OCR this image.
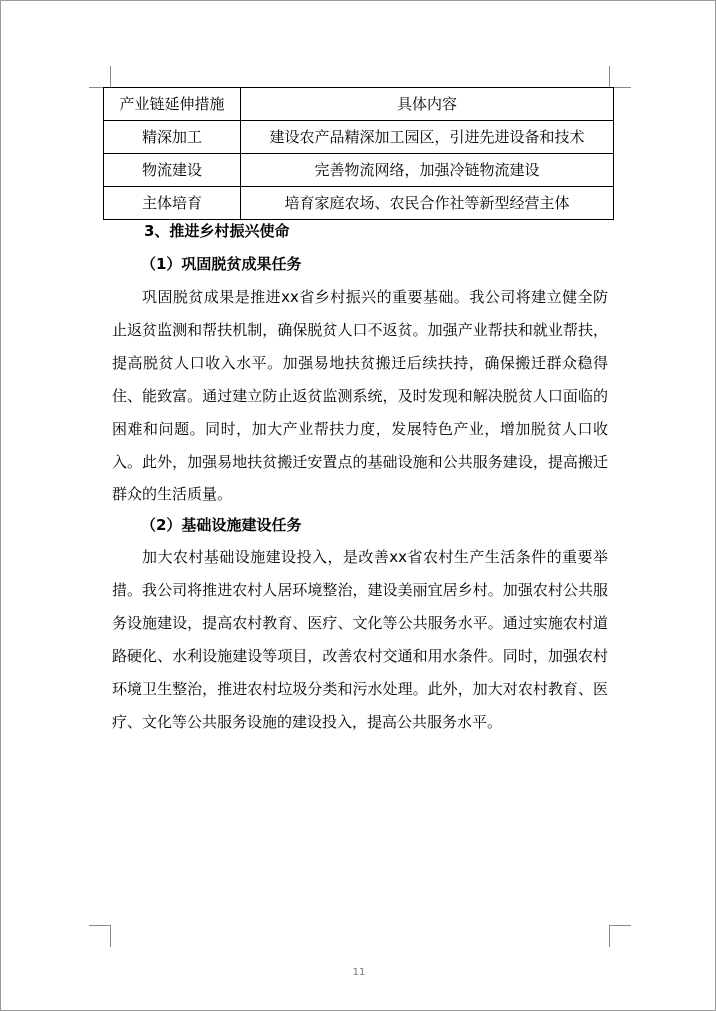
产业链延伸措施	具体内容
精深加工	建设农产品精深加工园区，引进先进设备和技术
物流建设	完善物流网络，加强冷链物流建设
主体培育	培育家庭农场、农民合作社等新型经营主体
3、推进乡村振兴使命
（1）巩固脱贫成果任务

巩固脱贫成果是推进xx省乡村振兴的重要基础。我公司将建立健全防止返贫监测和帮扶机制，确保脱贫人口不返贫。加强产业帮扶和就业帮扶，提高脱贫人口收入水平。加强易地扶贫搬迁后续扶持，确保搬迁群众稳得住、能致富。通过建立防止返贫监测系统，及时发现和解决脱贫人口面临的困难和问题。同时，加大产业帮扶力度，发展特色产业，增加脱贫人口收入。此外，加强易地扶贫搬迁安置点的基础设施和公共服务建设，提高搬迁群众的生活质量。

（2）基础设施建设任务

加大农村基础设施建设投入，是改善xx省农村生产生活条件的重要举措。我公司将推进农村人居环境整治，建设美丽宜居乡村。加强农村公共服务设施建设，提高农村教育、医疗、文化等公共服务水平。通过实施农村道路硬化、水利设施建设等项目，改善农村交通和用水条件。同时，加强农村环境卫生整治，推进农村垃圾分类和污水处理。此外，加大对农村教育、医疗、文化等公共服务设施的建设投入，提高公共服务水平。

11
